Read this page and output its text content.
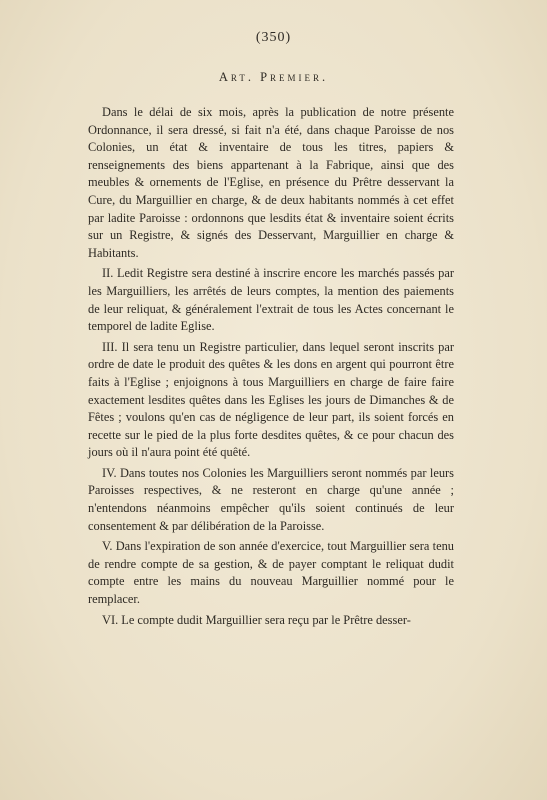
(350)
Art. Premier.

Dans le délai de six mois, après la publication de notre présente Ordonnance, il sera dressé, si fait n'a été, dans chaque Paroisse de nos Colonies, un état & inventaire de tous les titres, papiers & renseignements des biens appartenant à la Fabrique, ainsi que des meubles & ornements de l'Eglise, en présence du Prêtre desservant la Cure, du Marguillier en charge, & de deux habitants nommés à cet effet par ladite Paroisse : ordonnons que lesdits état & inventaire soient écrits sur un Registre, & signés des Desservant, Marguillier en charge & Habitants.

II. Ledit Registre sera destiné à inscrire encore les marchés passés par les Marguilliers, les arrêtés de leurs comptes, la mention des paiements de leur reliquat, & généralement l'extrait de tous les Actes concernant le temporel de ladite Eglise.

III. Il sera tenu un Registre particulier, dans lequel seront inscrits par ordre de date le produit des quêtes & les dons en argent qui pourront être faits à l'Eglise ; enjoignons à tous Marguilliers en charge de faire faire exactement lesdites quêtes dans les Eglises les jours de Dimanches & de Fêtes ; voulons qu'en cas de négligence de leur part, ils soient forcés en recette sur le pied de la plus forte desdites quêtes, & ce pour chacun des jours où il n'aura point été quêté.

IV. Dans toutes nos Colonies les Marguilliers seront nommés par leurs Paroisses respectives, & ne resteront en charge qu'une année ; n'entendons néanmoins empêcher qu'ils soient continués de leur consentement & par délibération de la Paroisse.

V. Dans l'expiration de son année d'exercice, tout Marguillier sera tenu de rendre compte de sa gestion, & de payer comptant le reliquat dudit compte entre les mains du nouveau Marguillier nommé pour le remplacer.

VI. Le compte dudit Marguillier sera reçu par le Prêtre desser-
